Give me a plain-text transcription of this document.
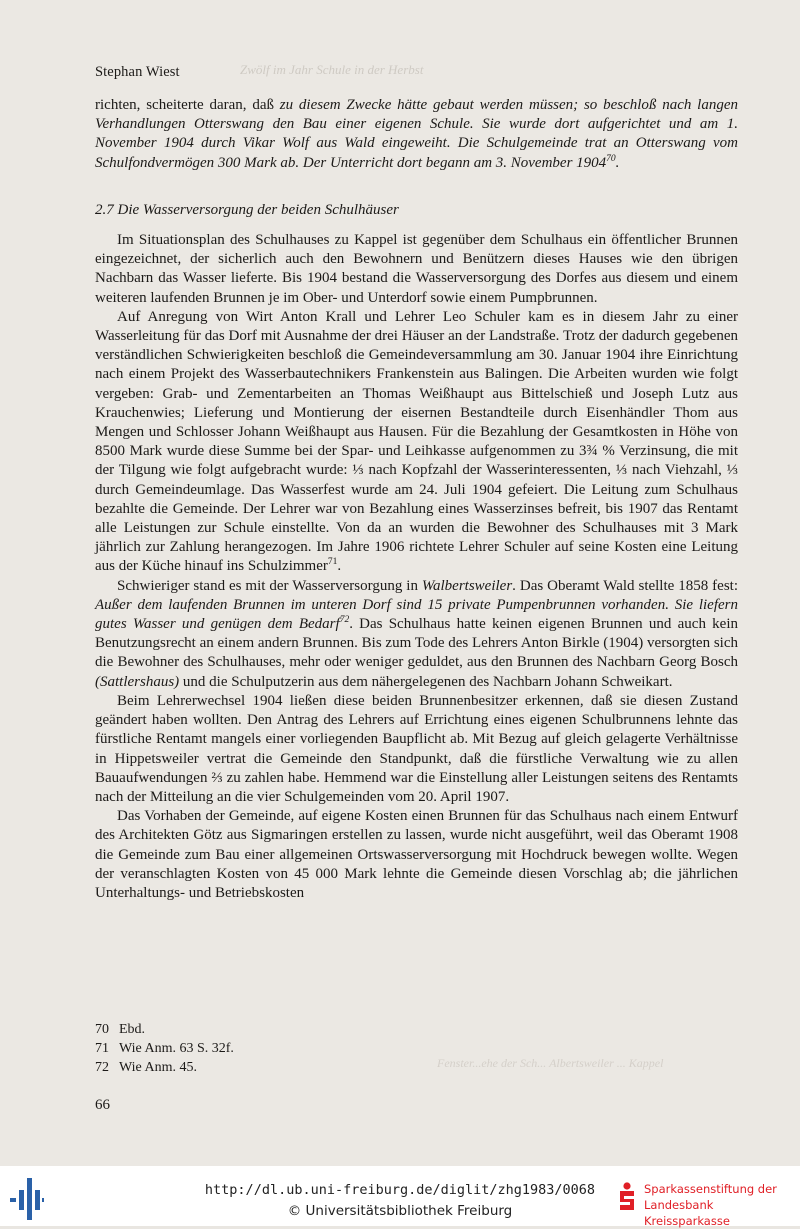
Stephan Wiest	Zwölf im Jahr Schule in der Herbst

richten, scheiterte daran, daß zu diesem Zwecke hätte gebaut werden müssen; so beschloß nach langen Verhandlungen Otterswang den Bau einer eigenen Schule. Sie wurde dort aufgerichtet und am 1. November 1904 durch Vikar Wolf aus Wald eingeweiht. Die Schulgemeinde trat an Otterswang vom Schulfondvermögen 300 Mark ab. Der Unterricht dort begann am 3. November 1904$^{70}$.

2.7 Die Wasserversorgung der beiden Schulhäuser

Im Situationsplan des Schulhauses zu Kappel ist gegenüber dem Schulhaus ein öffentlicher Brunnen eingezeichnet, der sicherlich auch den Bewohnern und Benützern dieses Hauses wie den übrigen Nachbarn das Wasser lieferte. Bis 1904 bestand die Wasserversorgung des Dorfes aus diesem und einem weiteren laufenden Brunnen je im Ober- und Unterdorf sowie einem Pumpbrunnen.

Auf Anregung von Wirt Anton Krall und Lehrer Leo Schuler kam es in diesem Jahr zu einer Wasserleitung für das Dorf mit Ausnahme der drei Häuser an der Landstraße. Trotz der dadurch gegebenen verständlichen Schwierigkeiten beschloß die Gemeindeversammlung am 30. Januar 1904 ihre Einrichtung nach einem Projekt des Wasserbautechnikers Frankenstein aus Balingen. Die Arbeiten wurden wie folgt vergeben: Grab- und Zementarbeiten an Thomas Weißhaupt aus Bittelschieß und Joseph Lutz aus Krauchenwies; Lieferung und Montierung der eisernen Bestandteile durch Eisenhändler Thom aus Mengen und Schlosser Johann Weißhaupt aus Hausen. Für die Bezahlung der Gesamtkosten in Höhe von 8500 Mark wurde diese Summe bei der Spar- und Leihkasse aufgenommen zu 3¾ % Verzinsung, die mit der Tilgung wie folgt aufgebracht wurde: ⅓ nach Kopfzahl der Wasserinteressenten, ⅓ nach Viehzahl, ⅓ durch Gemeindeumlage. Das Wasserfest wurde am 24. Juli 1904 gefeiert. Die Leitung zum Schulhaus bezahlte die Gemeinde. Der Lehrer war von Bezahlung eines Wasserzinses befreit, bis 1907 das Rentamt alle Leistungen zur Schule einstellte. Von da an wurden die Bewohner des Schulhauses mit 3 Mark jährlich zur Zahlung herangezogen. Im Jahre 1906 richtete Lehrer Schuler auf seine Kosten eine Leitung aus der Küche hinauf ins Schulzimmer$^{71}$.

Schwieriger stand es mit der Wasserversorgung in Walbertsweiler. Das Oberamt Wald stellte 1858 fest: Außer dem laufenden Brunnen im unteren Dorf sind 15 private Pumpenbrunnen vorhanden. Sie liefern gutes Wasser und genügen dem Bedarf$^{72}$. Das Schulhaus hatte keinen eigenen Brunnen und auch kein Benutzungsrecht an einem andern Brunnen. Bis zum Tode des Lehrers Anton Birkle (1904) versorgten sich die Bewohner des Schulhauses, mehr oder weniger geduldet, aus den Brunnen des Nachbarn Georg Bosch (Sattlershaus) und die Schulputzerin aus dem nähergelegenen des Nachbarn Johann Schweikart.

Beim Lehrerwechsel 1904 ließen diese beiden Brunnenbesitzer erkennen, daß sie diesen Zustand geändert haben wollten. Den Antrag des Lehrers auf Errichtung eines eigenen Schulbrunnens lehnte das fürstliche Rentamt mangels einer vorliegenden Baupflicht ab. Mit Bezug auf gleich gelagerte Verhältnisse in Hippetsweiler vertrat die Gemeinde den Standpunkt, daß die fürstliche Verwaltung wie zu allen Bauaufwendungen ⅔ zu zahlen habe. Hemmend war die Einstellung aller Leistungen seitens des Rentamts nach der Mitteilung an die vier Schulgemeinden vom 20. April 1907.

Das Vorhaben der Gemeinde, auf eigene Kosten einen Brunnen für das Schulhaus nach einem Entwurf des Architekten Götz aus Sigmaringen erstellen zu lassen, wurde nicht ausgeführt, weil das Oberamt 1908 die Gemeinde zum Bau einer allgemeinen Ortswasserversorgung mit Hochdruck bewegen wollte. Wegen der veranschlagten Kosten von 45 000 Mark lehnte die Gemeinde diesen Vorschlag ab; die jährlichen Unterhaltungs- und Betriebskosten

70 Ebd.
71 Wie Anm. 63 S. 32f.
72 Wie Anm. 45.	Fenster...ehe der Sch... Albertsweiler ... Kappel
66
http://dl.ub.uni-freiburg.de/diglit/zhg1983/0068
© Universitätsbibliothek Freiburg
Sparkassenstiftung der
Landesbank Kreissparkasse
